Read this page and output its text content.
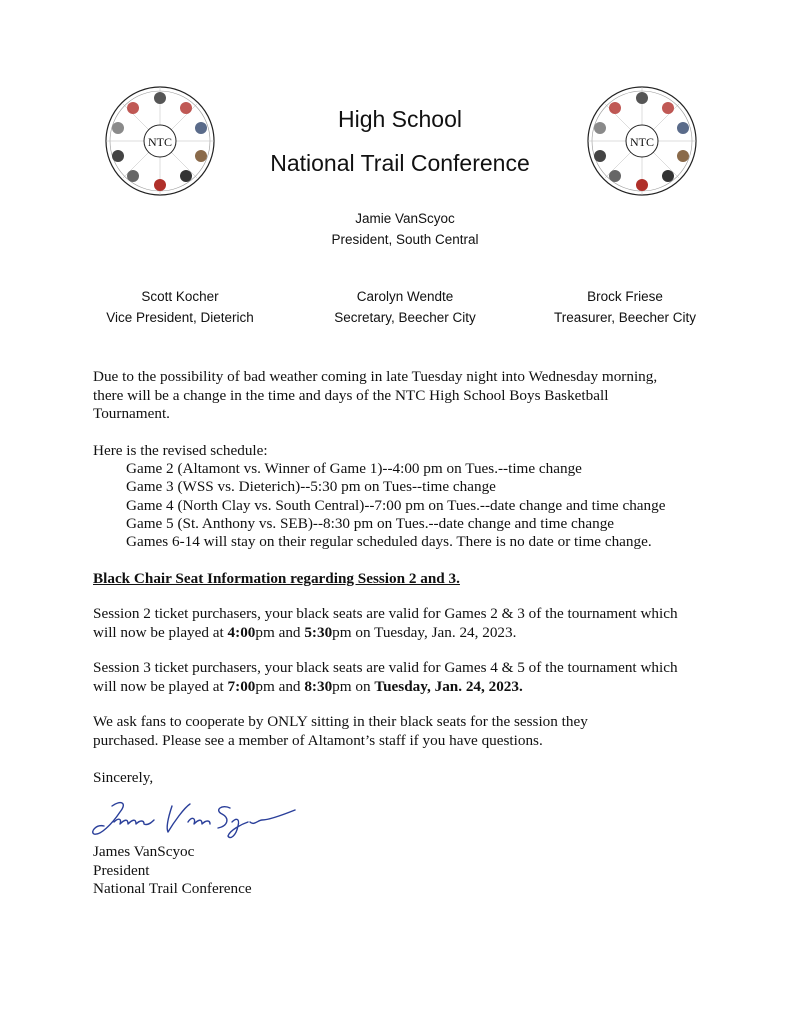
NTC	NTC
High School
National Trail Conference
Jamie VanScyoc
President, South Central
Scott Kocher
Vice President, Dieterich
Carolyn Wendte
Secretary, Beecher City
Brock Friese
Treasurer, Beecher City
Due to the possibility of bad weather coming in late Tuesday night into Wednesday morning,
there will be a change in the time and days of the NTC High School Boys Basketball
Tournament.
Here is the revised schedule:
Game 2 (Altamont vs. Winner of Game 1)--4:00 pm on Tues.--time change
Game 3 (WSS vs. Dieterich)--5:30 pm on Tues--time change
Game 4 (North Clay vs. South Central)--7:00 pm on Tues.--date change and time change
Game 5 (St. Anthony vs. SEB)--8:30 pm on Tues.--date change and time change
Games 6-14 will stay on their regular scheduled days. There is no date or time change.
Black Chair Seat Information regarding Session 2 and 3.
Session 2 ticket purchasers, your black seats are valid for Games 2 & 3 of the tournament which
will now be played at 4:00pm and 5:30pm on Tuesday, Jan. 24, 2023.
Session 3 ticket purchasers, your black seats are valid for Games 4 & 5 of the tournament which
will now be played at 7:00pm and 8:30pm on Tuesday, Jan. 24, 2023.
We ask fans to cooperate by ONLY sitting in their black seats for the session they
purchased. Please see a member of Altamont’s staff if you have questions.
Sincerely,
James VanScyoc
President
National Trail Conference
